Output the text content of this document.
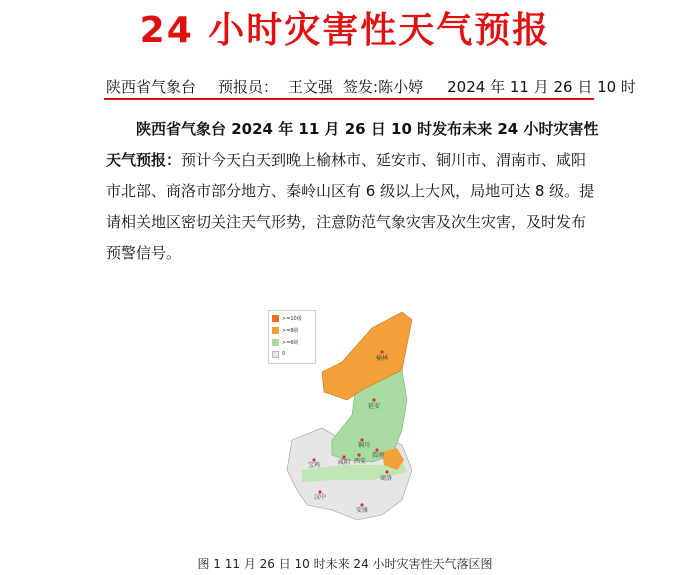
24 小时灾害性天气预报
陕西省气象台 预报员： 王文强 签发:陈小婷 2024 年 11 月 26 日 10 时
陕西省气象台 2024 年 11 月 26 日 10 时发布未来 24 小时灾害性天气预报：预计今天白天到晚上榆林市、延安市、铜川市、渭南市、咸阳市北部、商洛市部分地方、秦岭山区有 6 级以上大风，局地可达 8 级。提请相关地区密切关注天气形势，注意防范气象灾害及次生灾害，及时发布预警信号。
榆林
延安
铜川
宝鸡	咸阳 西安
渭南
商洛
汉中
安康
>=10级
>=8级
>=6级
0
图 1 11 月 26 日 10 时未来 24 小时灾害性天气落区图
